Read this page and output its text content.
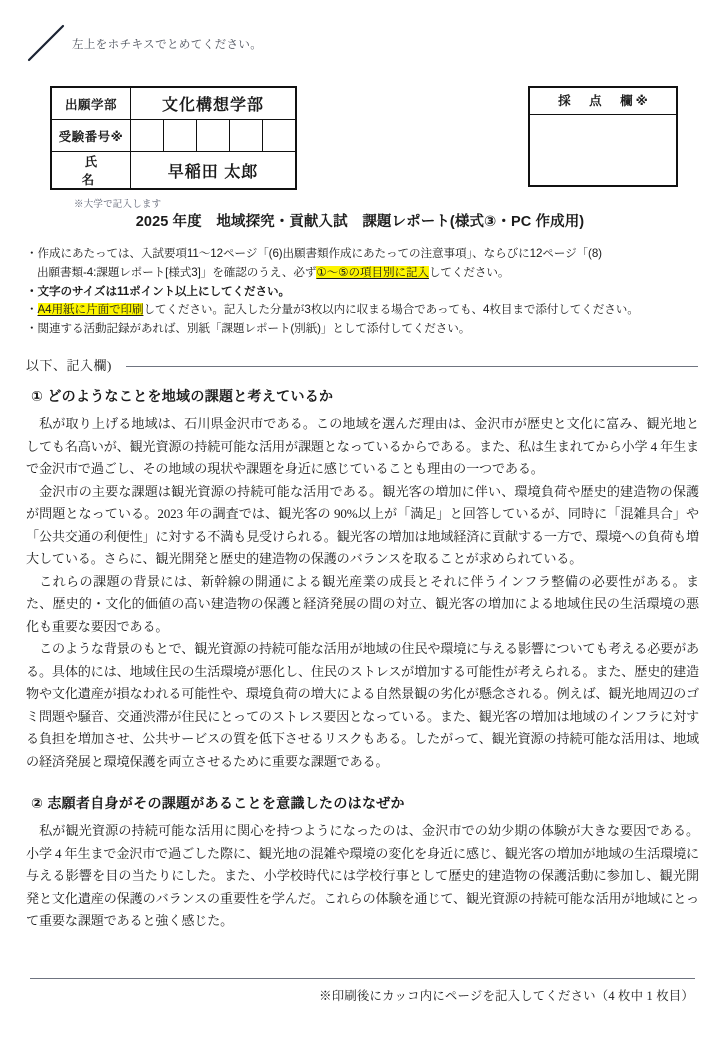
左上をホチキスでとめてください。
出願学部	文化構想学部				
受験番号※					
氏　　名	早稲田 太郎				
※大学で記入します
採　点　欄※
2025 年度　地域探究・貢献入試　課題レポート(様式③・PC 作成用)
・作成にあたっては、入試要項11～12ページ「(6)出願書類作成にあたっての注意事項」、ならびに12ページ「(8)
出願書類-4:課題レポート[様式3]」を確認のうえ、必ず①～⑤の項目別に記入してください。
・文字のサイズは11ポイント以上にしてください。
・A4用紙に片面で印刷してください。記入した分量が3枚以内に収まる場合であっても、4枚目まで添付してください。
・関連する活動記録があれば、別紙「課題レポート(別紙)」として添付してください。
以下、記入欄)
① どのようなことを地域の課題と考えているか

私が取り上げる地域は、石川県金沢市である。この地域を選んだ理由は、金沢市が歴史と文化に富み、観光地としても名高いが、観光資源の持続可能な活用が課題となっているからである。また、私は生まれてから小学 4 年生まで金沢市で過ごし、その地域の現状や課題を身近に感じていることも理由の一つである。

金沢市の主要な課題は観光資源の持続可能な活用である。観光客の増加に伴い、環境負荷や歴史的建造物の保護が問題となっている。2023 年の調査では、観光客の 90%以上が「満足」と回答しているが、同時に「混雑具合」や「公共交通の利便性」に対する不満も見受けられる。観光客の増加は地域経済に貢献する一方で、環境への負荷も増大している。さらに、観光開発と歴史的建造物の保護のバランスを取ることが求められている。

これらの課題の背景には、新幹線の開通による観光産業の成長とそれに伴うインフラ整備の必要性がある。また、歴史的・文化的価値の高い建造物の保護と経済発展の間の対立、観光客の増加による地域住民の生活環境の悪化も重要な要因である。

このような背景のもとで、観光資源の持続可能な活用が地域の住民や環境に与える影響についても考える必要がある。具体的には、地域住民の生活環境が悪化し、住民のストレスが増加する可能性が考えられる。また、歴史的建造物や文化遺産が損なわれる可能性や、環境負荷の増大による自然景観の劣化が懸念される。例えば、観光地周辺のゴミ問題や騒音、交通渋滞が住民にとってのストレス要因となっている。また、観光客の増加は地域のインフラに対する負担を増加させ、公共サービスの質を低下させるリスクもある。したがって、観光資源の持続可能な活用は、地域の経済発展と環境保護を両立させるために重要な課題である。

② 志願者自身がその課題があることを意識したのはなぜか

私が観光資源の持続可能な活用に関心を持つようになったのは、金沢市での幼少期の体験が大きな要因である。小学 4 年生まで金沢市で過ごした際に、観光地の混雑や環境の変化を身近に感じ、観光客の増加が地域の生活環境に与える影響を目の当たりにした。また、小学校時代には学校行事として歴史的建造物の保護活動に参加し、観光開発と文化遺産の保護のバランスの重要性を学んだ。これらの体験を通じて、観光資源の持続可能な活用が地域にとって重要な課題であると強く感じた。

※印刷後にカッコ内にページを記入してください（4 枚中 1 枚目）
